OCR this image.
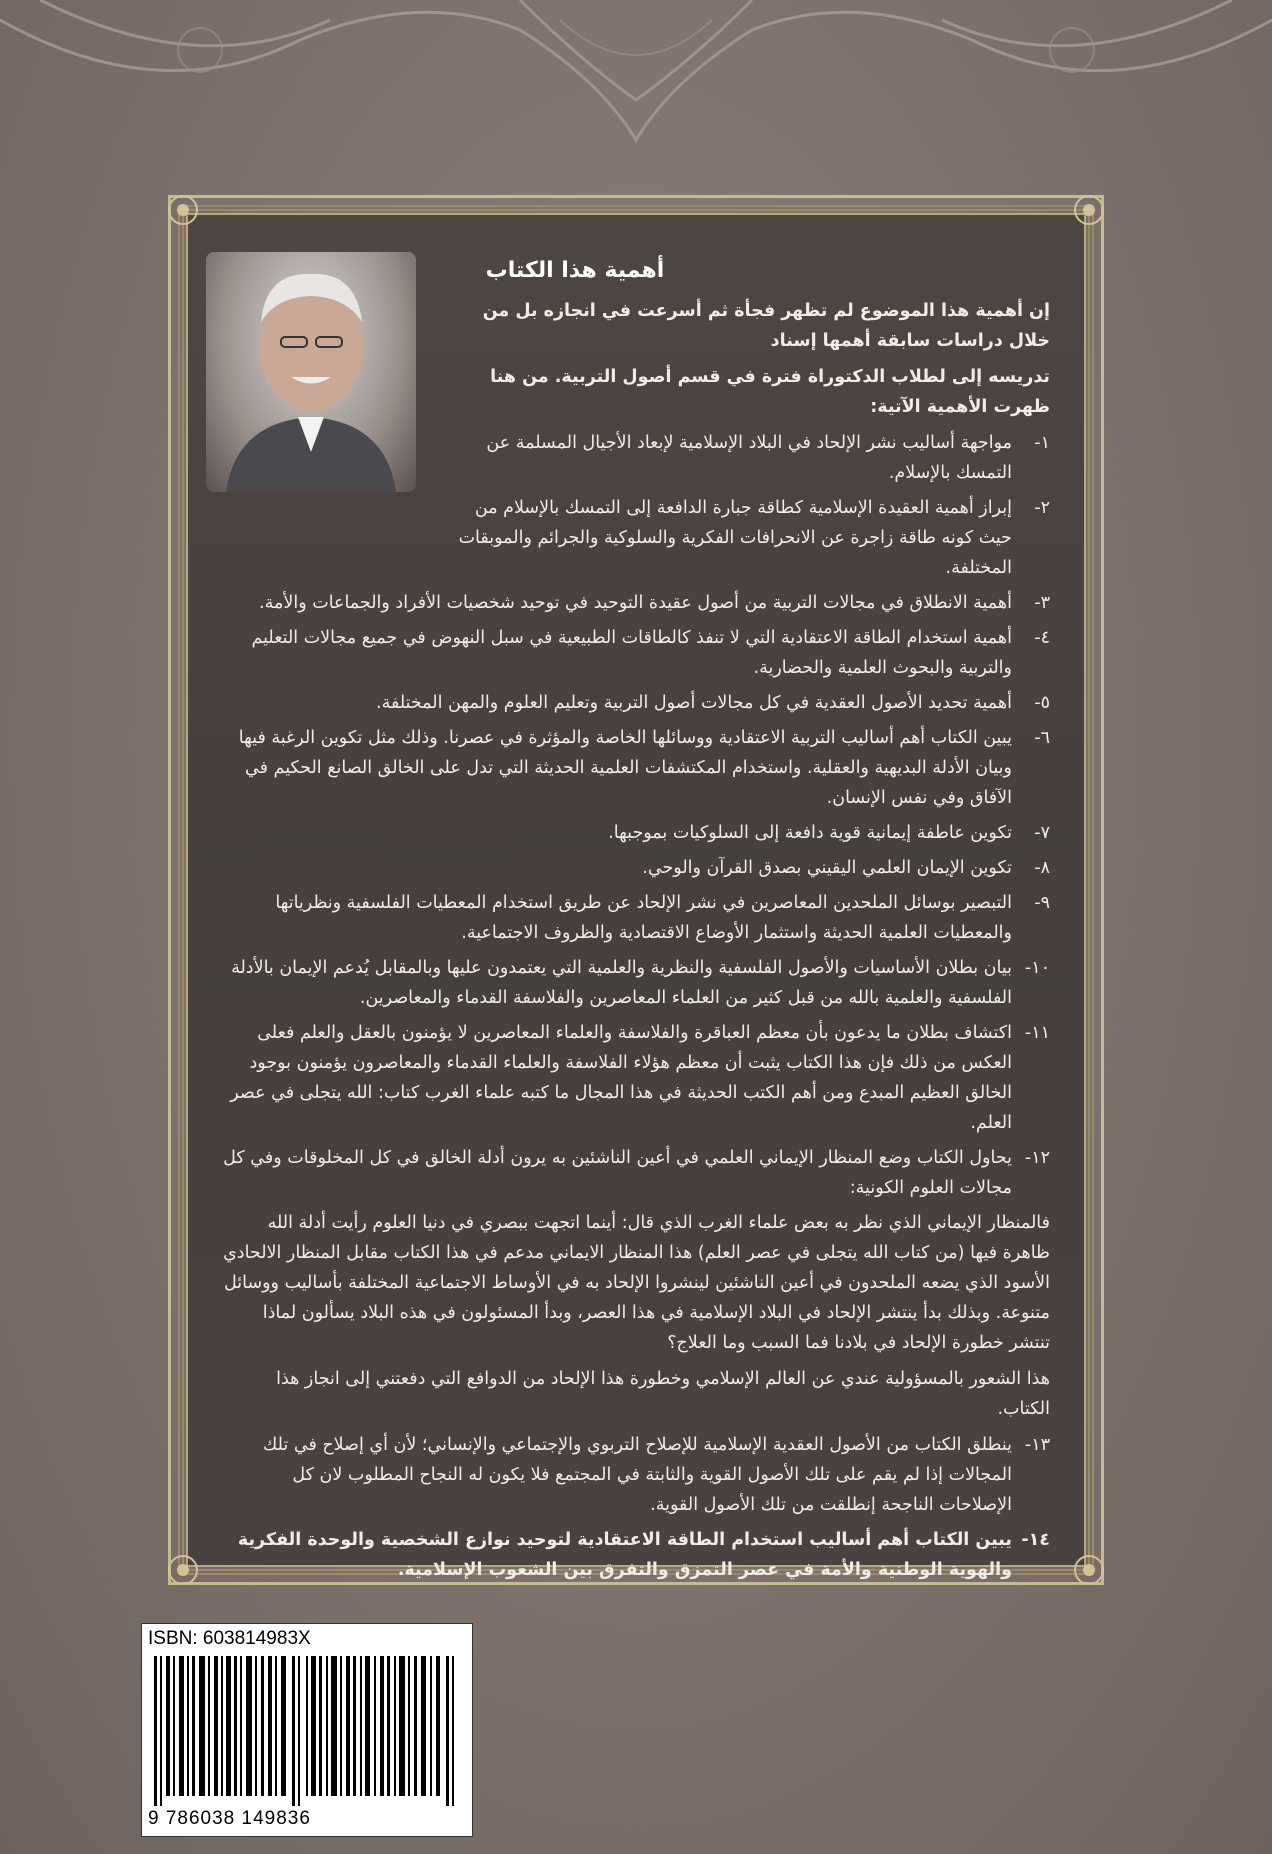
أهمية هذا الكتاب
إن أهمية هذا الموضوع لم تظهر فجأة ثم أسرعت في انجازه بل من خلال دراسات سابقة أهمها إسناد
تدريسه إلى لطلاب الدكتوراة فترة في قسم أصول التربية. من هنا ظهرت الأهمية الآتية:
١-
مواجهة أساليب نشر الإلحاد في البلاد الإسلامية لإبعاد الأجيال المسلمة عن التمسك بالإسلام.
٢-
إبراز أهمية العقيدة الإسلامية كطاقة جبارة الدافعة إلى التمسك بالإسلام من حيث كونه طاقة زاجرة عن الانحرافات الفكرية والسلوكية والجرائم والموبقات المختلفة.
٣-
أهمية الانطلاق في مجالات التربية من أصول عقيدة التوحيد في توحيد شخصيات الأفراد والجماعات والأمة.
٤-
أهمية استخدام الطاقة الاعتقادية التي لا تنفذ كالطاقات الطبيعية في سبل النهوض في جميع مجالات التعليم والتربية والبحوث العلمية والحضارية.
٥-
أهمية تحديد الأصول العقدية في كل مجالات أصول التربية وتعليم العلوم والمهن المختلفة.
٦-
يبين الكتاب أهم أساليب التربية الاعتقادية ووسائلها الخاصة والمؤثرة في عصرنا. وذلك مثل تكوين الرغبة فيها وبيان الأدلة البديهية والعقلية. واستخدام المكتشفات العلمية الحديثة التي تدل على الخالق الصانع الحكيم في الآفاق وفي نفس الإنسان.
٧-
تكوين عاطفة إيمانية قوية دافعة إلى السلوكيات بموجبها.
٨-
تكوين الإيمان العلمي اليقيني بصدق القرآن والوحي.
٩-
التبصير بوسائل الملحدين المعاصرين في نشر الإلحاد عن طريق استخدام المعطيات الفلسفية ونظرياتها والمعطيات العلمية الحديثة واستثمار الأوضاع الاقتصادية والظروف الاجتماعية.
١٠-
بيان بطلان الأساسيات والأصول الفلسفية والنظرية والعلمية التي يعتمدون عليها وبالمقابل يُدعم الإيمان بالأدلة الفلسفية والعلمية بالله من قبل كثير من العلماء المعاصرين والفلاسفة القدماء والمعاصرين.
١١-
اكتشاف بطلان ما يدعون بأن معظم العباقرة والفلاسفة والعلماء المعاصرين لا يؤمنون بالعقل والعلم فعلى العكس من ذلك فإن هذا الكتاب يثبت أن معظم هؤلاء الفلاسفة والعلماء القدماء والمعاصرون يؤمنون بوجود الخالق العظيم المبدع ومن أهم الكتب الحديثة في هذا المجال ما كتبه علماء الغرب كتاب: الله يتجلى في عصر العلم.
١٢-
يحاول الكتاب وضع المنظار الإيماني العلمي في أعين الناشئين به يرون أدلة الخالق في كل المخلوقات وفي كل مجالات العلوم الكونية:
فالمنظار الإيماني الذي نظر به بعض علماء الغرب الذي قال: أينما اتجهت ببصري في دنيا العلوم رأيت أدلة الله ظاهرة فيها (من كتاب الله يتجلى في عصر العلم) هذا المنظار الايماني مدعم في هذا الكتاب مقابل المنظار الالحادي الأسود الذي يضعه الملحدون في أعين الناشئين لينشروا الإلحاد به في الأوساط الاجتماعية المختلفة بأساليب ووسائل متنوعة. وبذلك بدأ ينتشر الإلحاد في البلاد الإسلامية في هذا العصر، وبدأ المسئولون في هذه البلاد يسألون لماذا تنتشر خطورة الإلحاد في بلادنا فما السبب وما العلاج؟
هذا الشعور بالمسؤولية عندي عن العالم الإسلامي وخطورة هذا الإلحاد من الدوافع التي دفعتني إلى انجاز هذا الكتاب.
١٣-
ينطلق الكتاب من الأصول العقدية الإسلامية للإصلاح التربوي والإجتماعي والإنساني؛ لأن أي إصلاح في تلك المجالات إذا لم يقم على تلك الأصول القوية والثابتة في المجتمع فلا يكون له النجاح المطلوب لان كل الإصلاحات الناجحة إنطلقت من تلك الأصول القوية.
١٤-
يبين الكتاب أهم أساليب استخدام الطاقة الاعتقادية لتوحيد نوازع الشخصية والوحدة الفكرية والهوية الوطنية والأمة في عصر التمزق والتفرق بين الشعوب الإسلامية.
ISBN: 603814983X
9 786038 149836
